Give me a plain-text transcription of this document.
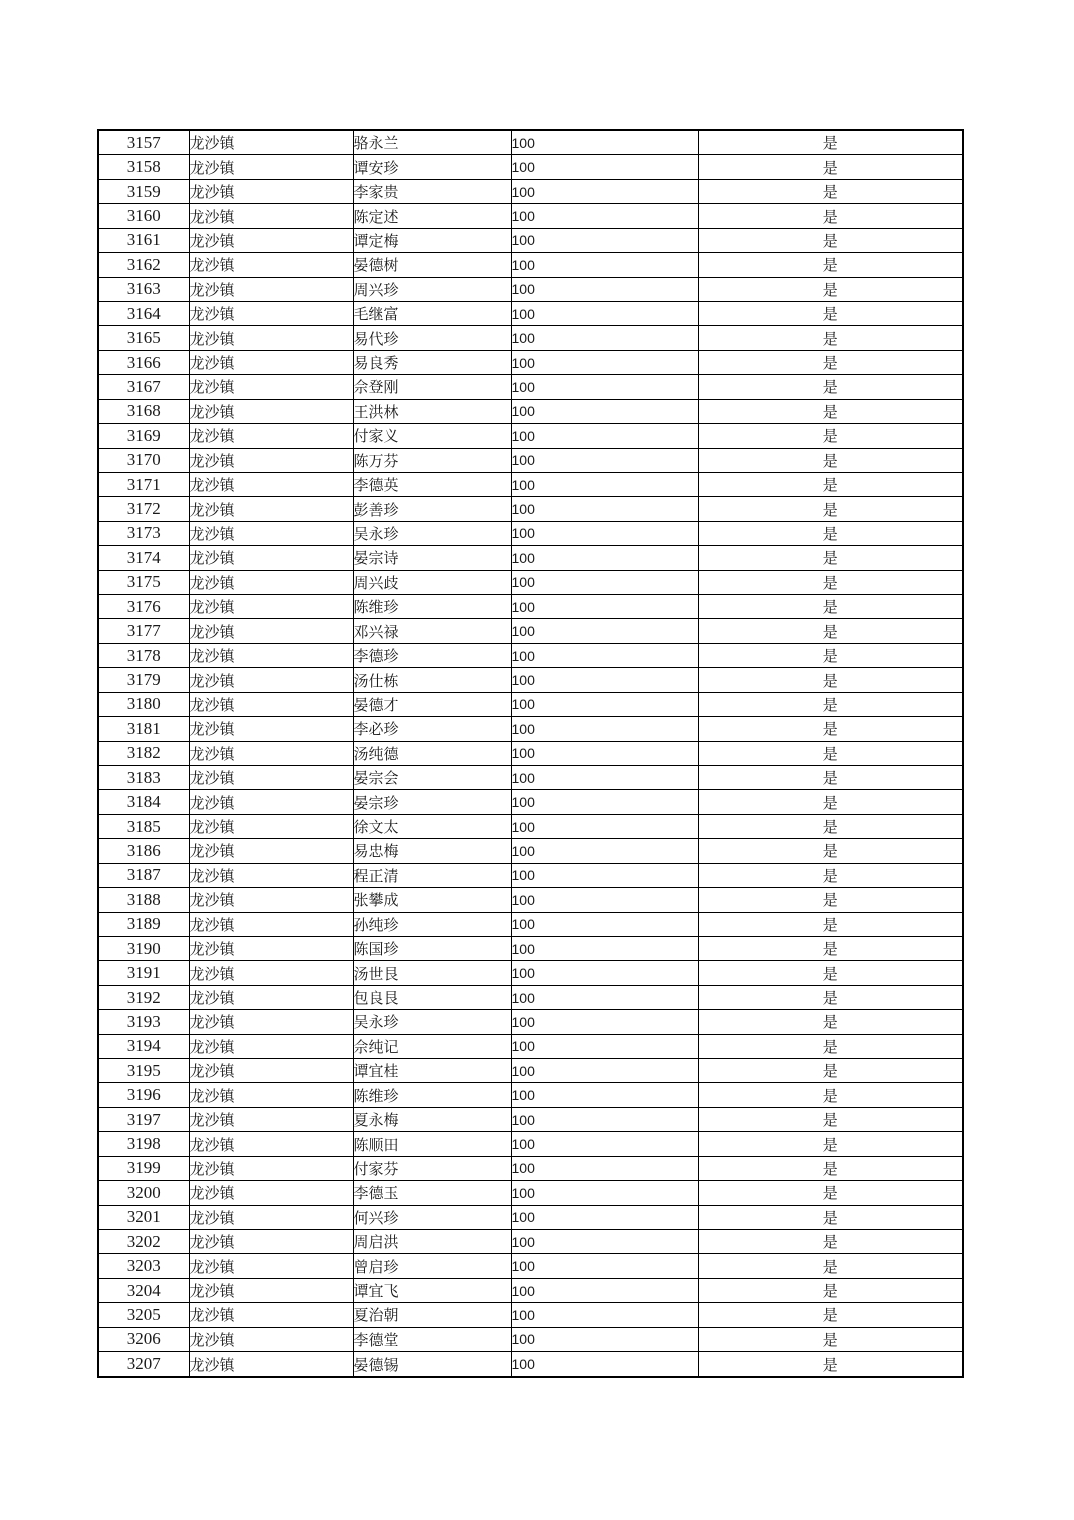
3157	龙沙镇	骆永兰	100	是
3158	龙沙镇	谭安珍	100	是
3159	龙沙镇	李家贵	100	是
3160	龙沙镇	陈定述	100	是
3161	龙沙镇	谭定梅	100	是
3162	龙沙镇	晏德树	100	是
3163	龙沙镇	周兴珍	100	是
3164	龙沙镇	毛继富	100	是
3165	龙沙镇	易代珍	100	是
3166	龙沙镇	易良秀	100	是
3167	龙沙镇	佘登刚	100	是
3168	龙沙镇	王洪林	100	是
3169	龙沙镇	付家义	100	是
3170	龙沙镇	陈万芬	100	是
3171	龙沙镇	李德英	100	是
3172	龙沙镇	彭善珍	100	是
3173	龙沙镇	吴永珍	100	是
3174	龙沙镇	晏宗诗	100	是
3175	龙沙镇	周兴歧	100	是
3176	龙沙镇	陈维珍	100	是
3177	龙沙镇	邓兴禄	100	是
3178	龙沙镇	李德珍	100	是
3179	龙沙镇	汤仕栋	100	是
3180	龙沙镇	晏德才	100	是
3181	龙沙镇	李必珍	100	是
3182	龙沙镇	汤纯德	100	是
3183	龙沙镇	晏宗会	100	是
3184	龙沙镇	晏宗珍	100	是
3185	龙沙镇	徐文太	100	是
3186	龙沙镇	易忠梅	100	是
3187	龙沙镇	程正清	100	是
3188	龙沙镇	张攀成	100	是
3189	龙沙镇	孙纯珍	100	是
3190	龙沙镇	陈国珍	100	是
3191	龙沙镇	汤世艮	100	是
3192	龙沙镇	包良艮	100	是
3193	龙沙镇	吴永珍	100	是
3194	龙沙镇	佘纯记	100	是
3195	龙沙镇	谭宜桂	100	是
3196	龙沙镇	陈维珍	100	是
3197	龙沙镇	夏永梅	100	是
3198	龙沙镇	陈顺田	100	是
3199	龙沙镇	付家芬	100	是
3200	龙沙镇	李德玉	100	是
3201	龙沙镇	何兴珍	100	是
3202	龙沙镇	周启洪	100	是
3203	龙沙镇	曾启珍	100	是
3204	龙沙镇	谭宜飞	100	是
3205	龙沙镇	夏治朝	100	是
3206	龙沙镇	李德堂	100	是
3207	龙沙镇	晏德锡	100	是
